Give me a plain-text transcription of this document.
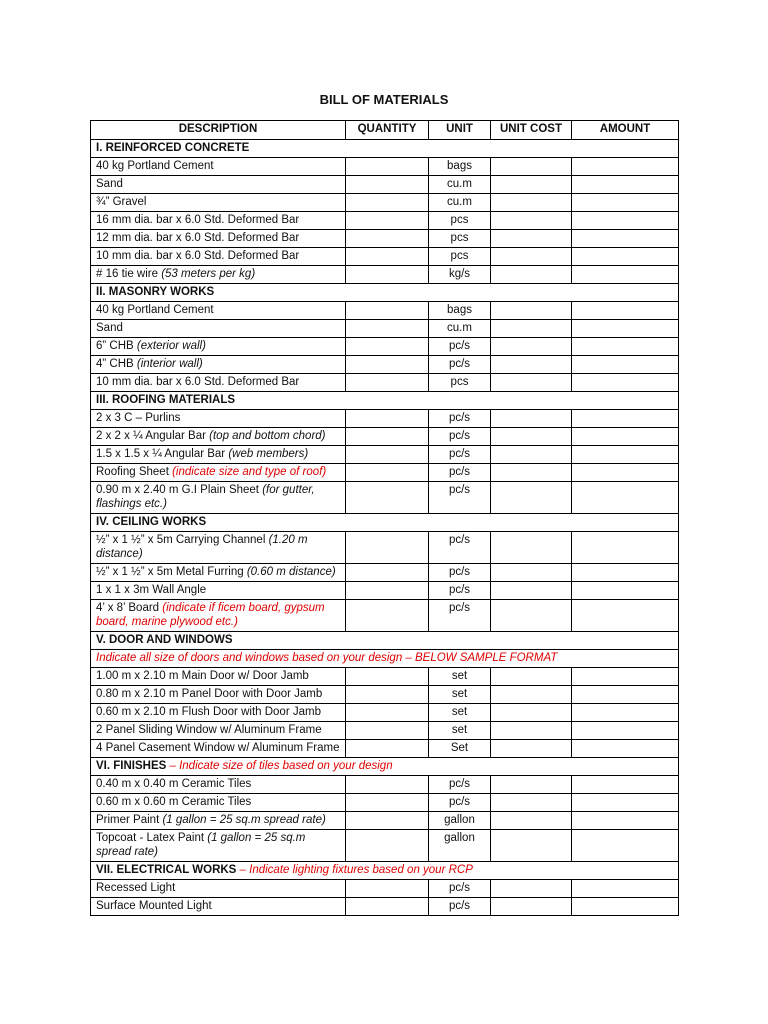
BILL OF MATERIALS
DESCRIPTION	QUANTITY	UNIT	UNIT COST	AMOUNT
I. REINFORCED CONCRETE				
40 kg Portland Cement		bags		
Sand		cu.m		
¾” Gravel		cu.m		
16 mm dia. bar x 6.0 Std. Deformed Bar		pcs		
12 mm dia. bar x 6.0 Std. Deformed Bar		pcs		
10 mm dia. bar x 6.0 Std. Deformed Bar		pcs		
# 16 tie wire (53 meters per kg)		kg/s		
II. MASONRY WORKS				
40 kg Portland Cement		bags		
Sand		cu.m		
6” CHB (exterior wall)		pc/s		
4” CHB (interior wall)		pc/s		
10 mm dia. bar x 6.0 Std. Deformed Bar		pcs		
III. ROOFING MATERIALS				
2 x 3 C – Purlins		pc/s		
2 x 2 x ¼ Angular Bar (top and bottom chord)		pc/s		
1.5 x 1.5 x ¼ Angular Bar (web members)		pc/s		
Roofing Sheet (indicate size and type of roof)		pc/s		
0.90 m x 2.40 m G.I Plain Sheet (for gutter, flashings etc.)		pc/s		
IV. CEILING WORKS				
½” x 1 ½” x 5m Carrying Channel (1.20 m distance)		pc/s		
½” x 1 ½” x 5m Metal Furring (0.60 m distance)		pc/s		
1 x 1 x 3m Wall Angle		pc/s		
4’ x 8’ Board (indicate if ficem board, gypsum board, marine plywood etc.)		pc/s		
V. DOOR AND WINDOWS				
Indicate all size of doors and windows based on your design – BELOW SAMPLE FORMAT				
1.00 m x 2.10 m Main Door w/ Door Jamb		set		
0.80 m x 2.10 m Panel Door with Door Jamb		set		
0.60 m x 2.10 m Flush Door with Door Jamb		set		
2 Panel Sliding Window w/ Aluminum Frame		set		
4 Panel Casement Window w/ Aluminum Frame		Set		
VI. FINISHES – Indicate size of tiles based on your design				
0.40 m x 0.40 m Ceramic Tiles		pc/s		
0.60 m x 0.60 m Ceramic Tiles		pc/s		
Primer Paint (1 gallon = 25 sq.m spread rate)		gallon		
Topcoat - Latex Paint (1 gallon = 25 sq.m spread rate)		gallon		
VII. ELECTRICAL WORKS – Indicate lighting fixtures based on your RCP				
Recessed Light		pc/s		
Surface Mounted Light		pc/s		
